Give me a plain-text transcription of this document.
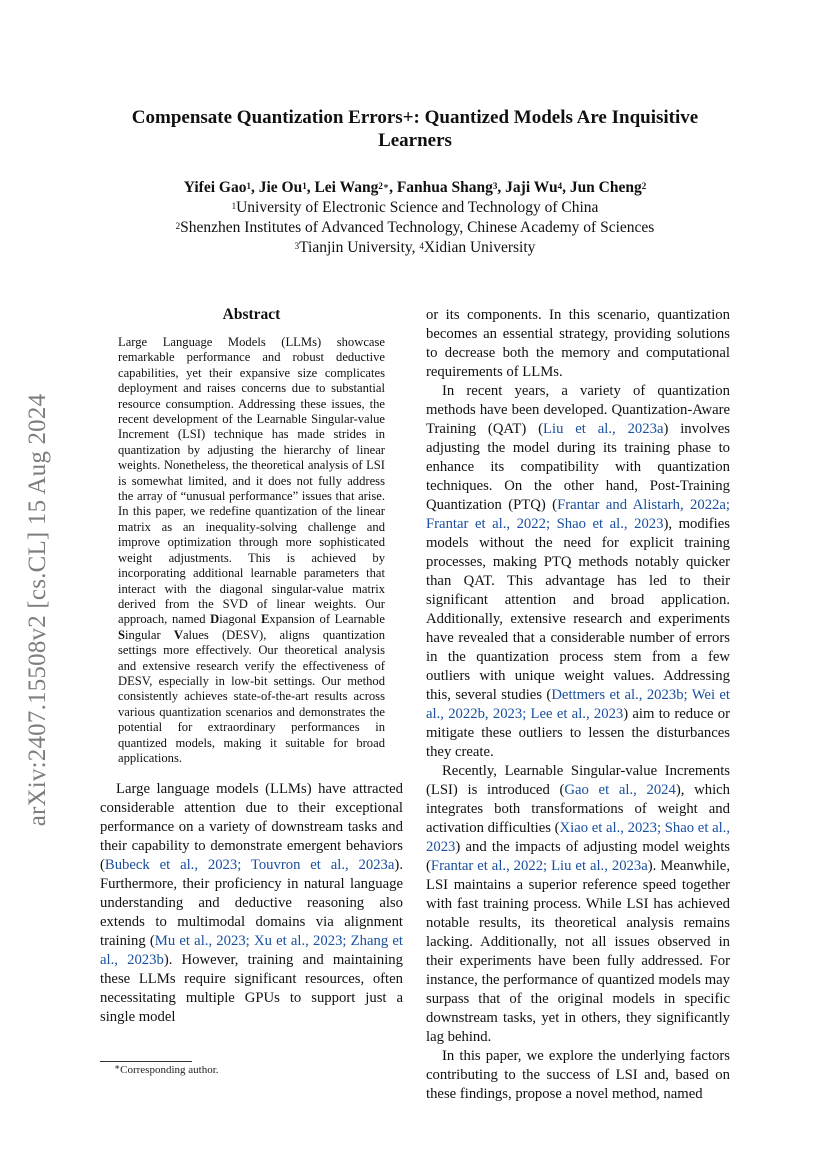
arXiv:2407.15508v2 [cs.CL] 15 Aug 2024
Compensate Quantization Errors+: Quantized Models Are Inquisitive Learners
Yifei Gao$^1$, Jie Ou$^1$, Lei Wang$^{2∗}$, Fanhua Shang$^3$, Jaji Wu$^4$, Jun Cheng$^2$
$^1$University of Electronic Science and Technology of China
$^2$Shenzhen Institutes of Advanced Technology, Chinese Academy of Sciences
$^3$Tianjin University, $^4$Xidian University
Abstract

Large Language Models (LLMs) showcase remarkable performance and robust deductive capabilities, yet their expansive size complicates deployment and raises concerns due to substantial resource consumption. Addressing these issues, the recent development of the Learnable Singular-value Increment (LSI) technique has made strides in quantization by adjusting the hierarchy of linear weights. Nonetheless, the theoretical analysis of LSI is somewhat limited, and it does not fully address the array of “unusual performance” issues that arise. In this paper, we redefine quantization of the linear matrix as an inequality-solving challenge and improve optimization through more sophisticated weight adjustments. This is achieved by incorporating additional learnable parameters that interact with the diagonal singular-value matrix derived from the SVD of linear weights. Our approach, named Diagonal Expansion of Learnable Singular Values (DESV), aligns quantization settings more effectively. Our theoretical analysis and extensive research verify the effectiveness of DESV, especially in low-bit settings. Our method consistently achieves state-of-the-art results across various quantization scenarios and demonstrates the potential for extraordinary performances in quantized models, making it suitable for broad applications.

Large language models (LLMs) have attracted considerable attention due to their exceptional performance on a variety of downstream tasks and their capability to demonstrate emergent behaviors (Bubeck et al., 2023; Touvron et al., 2023a). Furthermore, their proficiency in natural language understanding and deductive reasoning also extends to multimodal domains via alignment training (Mu et al., 2023; Xu et al., 2023; Zhang et al., 2023b). However, training and maintaining these LLMs require significant resources, often necessitating multiple GPUs to support just a single model

or its components. In this scenario, quantization becomes an essential strategy, providing solutions to decrease both the memory and computational requirements of LLMs.

In recent years, a variety of quantization methods have been developed. Quantization-Aware Training (QAT) (Liu et al., 2023a) involves adjusting the model during its training phase to enhance its compatibility with quantization techniques. On the other hand, Post-Training Quantization (PTQ) (Frantar and Alistarh, 2022a; Frantar et al., 2022; Shao et al., 2023), modifies models without the need for explicit training processes, making PTQ methods notably quicker than QAT. This advantage has led to their significant attention and broad application. Additionally, extensive research and experiments have revealed that a considerable number of errors in the quantization process stem from a few outliers with unique weight values. Addressing this, several studies (Dettmers et al., 2023b; Wei et al., 2022b, 2023; Lee et al., 2023) aim to reduce or mitigate these outliers to lessen the disturbances they create.

Recently, Learnable Singular-value Increments (LSI) is introduced (Gao et al., 2024), which integrates both transformations of weight and activation difficulties (Xiao et al., 2023; Shao et al., 2023) and the impacts of adjusting model weights (Frantar et al., 2022; Liu et al., 2023a). Meanwhile, LSI maintains a superior reference speed together with fast training process. While LSI has achieved notable results, its theoretical analysis remains lacking. Additionally, not all issues observed in their experiments have been fully addressed. For instance, the performance of quantized models may surpass that of the original models in specific downstream tasks, yet in others, they significantly lag behind.

In this paper, we explore the underlying factors contributing to the success of LSI and, based on these findings, propose a novel method, named

∗Corresponding author.
